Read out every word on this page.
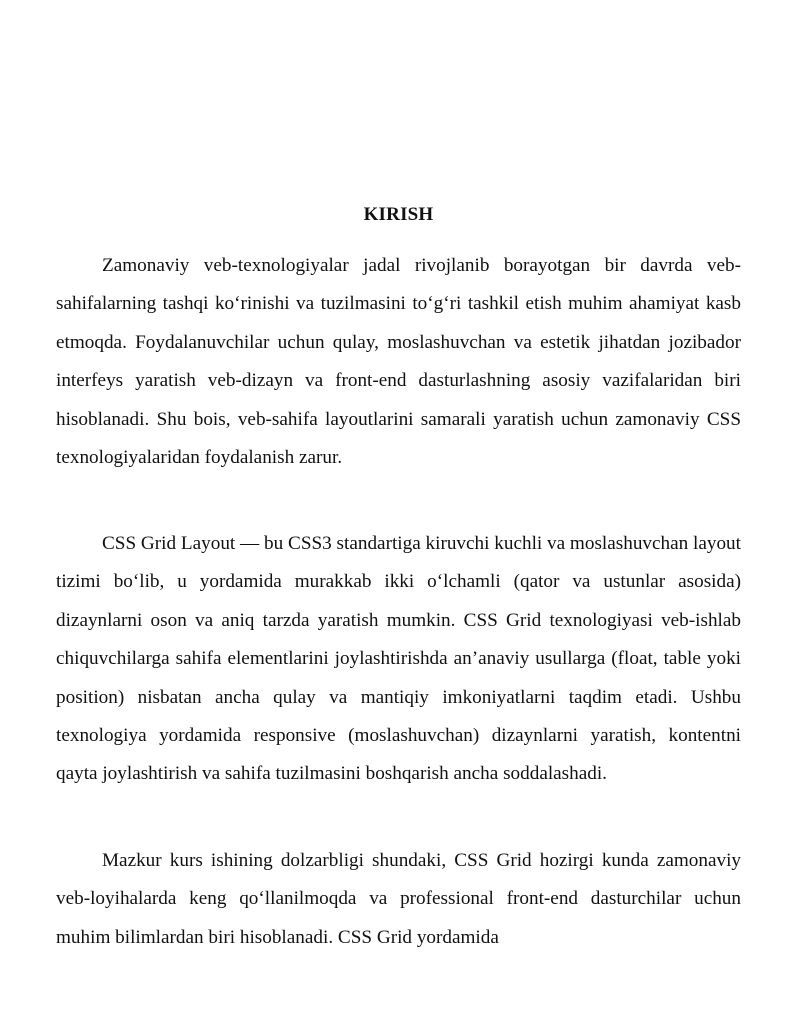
KIRISH

Zamonaviy veb-texnologiyalar jadal rivojlanib borayotgan bir davrda veb-sahifalarning tashqi ko‘rinishi va tuzilmasini to‘g‘ri tashkil etish muhim ahamiyat kasb etmoqda. Foydalanuvchilar uchun qulay, moslashuvchan va estetik jihatdan jozibador interfeys yaratish veb-dizayn va front-end dasturlashning asosiy vazifalaridan biri hisoblanadi. Shu bois, veb-sahifa layoutlarini samarali yaratish uchun zamonaviy CSS texnologiyalaridan foydalanish zarur.

CSS Grid Layout — bu CSS3 standartiga kiruvchi kuchli va moslashuvchan layout tizimi bo‘lib, u yordamida murakkab ikki o‘lchamli (qator va ustunlar asosida) dizaynlarni oson va aniq tarzda yaratish mumkin. CSS Grid texnologiyasi veb-ishlab chiquvchilarga sahifa elementlarini joylashtirishda an’anaviy usullarga (float, table yoki position) nisbatan ancha qulay va mantiqiy imkoniyatlarni taqdim etadi. Ushbu texnologiya yordamida responsive (moslashuvchan) dizaynlarni yaratish, kontentni qayta joylashtirish va sahifa tuzilmasini boshqarish ancha soddalashadi.

Mazkur kurs ishining dolzarbligi shundaki, CSS Grid hozirgi kunda zamonaviy veb-loyihalarda keng qo‘llanilmoqda va professional front-end dasturchilar uchun muhim bilimlardan biri hisoblanadi. CSS Grid yordamida
